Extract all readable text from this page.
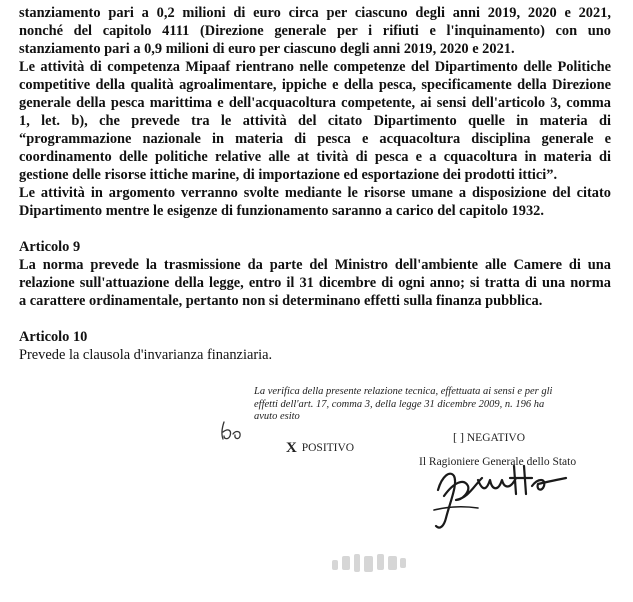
stanziamento pari a 0,2 milioni di euro circa per ciascuno degli anni 2019, 2020 e 2021,
nonché del capitolo 4111 (Direzione generale per i rifiuti e l'inquinamento) con uno
stanziamento pari a 0,9 milioni di euro per ciascuno degli anni 2019, 2020 e 2021.
Le attività di competenza Mipaaf rientrano nelle competenze del Dipartimento delle Politiche
competitive della qualità agroalimentare, ippiche e della pesca, specificamente della Direzione
generale della pesca marittima e dell'acquacoltura competente, ai sensi dell'articolo 3, comma
1, let. b), che prevede tra le attività del citato Dipartimento quelle in materia di
“programmazione nazionale in materia di pesca e acquacoltura disciplina generale e
coordinamento delle politiche relative alle at tività di pesca e a cquacoltura in materia di
gestione delle risorse ittiche marine, di importazione ed esportazione dei prodotti ittici”.
Le attività in argomento verranno svolte mediante le risorse umane a disposizione del citato
Dipartimento mentre le esigenze di funzionamento saranno a carico del capitolo 1932.
Articolo 9
La norma prevede la trasmissione da parte del Ministro dell'ambiente alle Camere di una
relazione sull'attuazione della legge, entro il 31 dicembre di ogni anno; si tratta di una norma
a carattere ordinamentale, pertanto non si determinano effetti sulla finanza pubblica.
Articolo 10
Prevede la clausola d'invarianza finanziaria.
La verifica della presente relazione tecnica, effettuata ai sensi e per gli
effetti dell'art. 17, comma 3, della legge 31 dicembre 2009, n. 196 ha
avuto esito
[ ] NEGATIVO
X POSITIVO
Il Ragioniere Generale dello Stato
